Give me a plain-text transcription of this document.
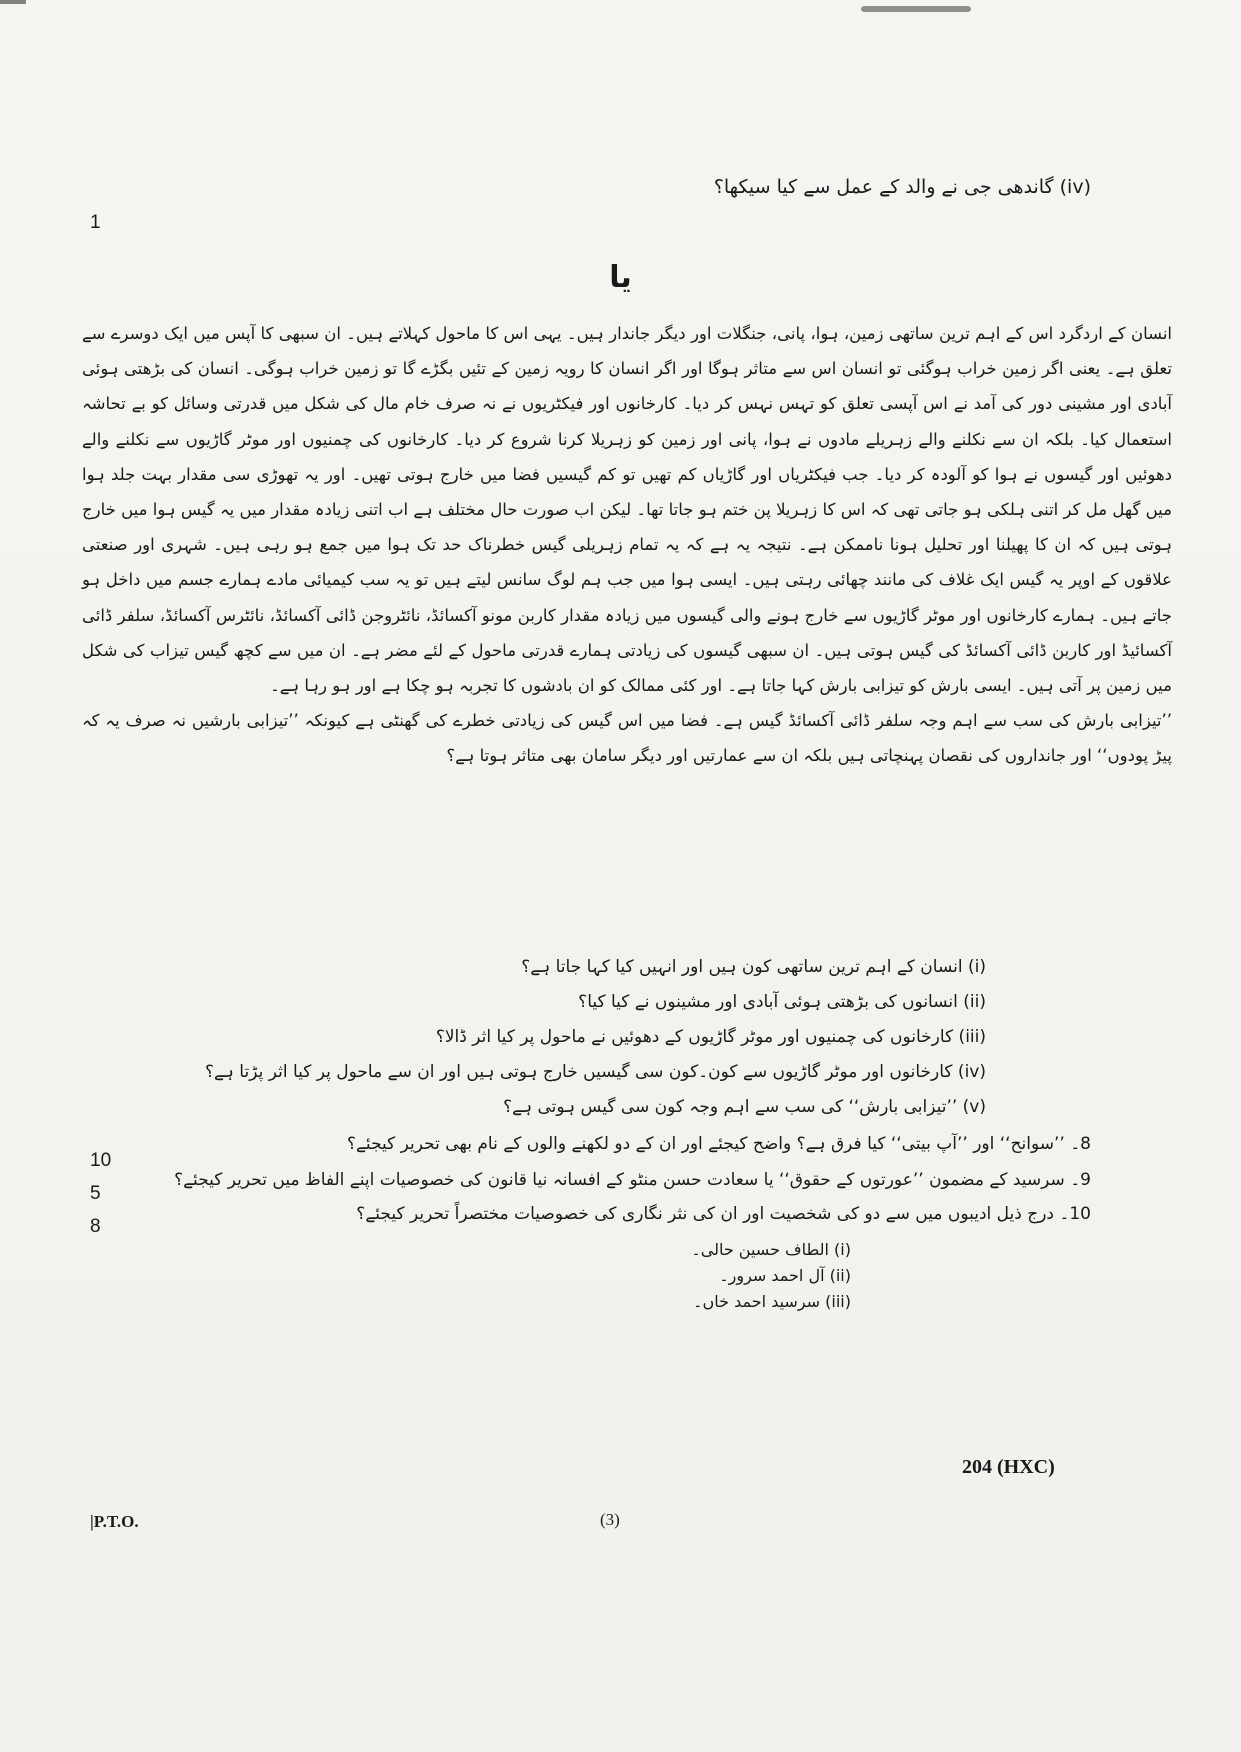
(iv) گاندھی جی نے والد کے عمل سے کیا سیکھا؟
1
یا

انسان کے اردگرد اس کے اہم ترین ساتھی زمین، ہوا، پانی، جنگلات اور دیگر جاندار ہیں۔ یہی اس کا ماحول کہلاتے ہیں۔ ان سبھی کا آپس میں ایک دوسرے سے تعلق ہے۔ یعنی اگر زمین خراب ہوگئی تو انسان اس سے متاثر ہوگا اور اگر انسان کا رویہ زمین کے تئیں بگڑے گا تو زمین خراب ہوگی۔ انسان کی بڑھتی ہوئی آبادی اور مشینی دور کی آمد نے اس آپسی تعلق کو تہس نہس کر دیا۔ کارخانوں اور فیکٹریوں نے نہ صرف خام مال کی شکل میں قدرتی وسائل کو بے تحاشہ استعمال کیا۔ بلکہ ان سے نکلنے والے زہریلے مادوں نے ہوا، پانی اور زمین کو زہریلا کرنا شروع کر دیا۔ کارخانوں کی چمنیوں اور موٹر گاڑیوں سے نکلنے والے دھوئیں اور گیسوں نے ہوا کو آلودہ کر دیا۔ جب فیکٹریاں اور گاڑیاں کم تھیں تو کم گیسیں فضا میں خارج ہوتی تھیں۔ اور یہ تھوڑی سی مقدار بہت جلد ہوا میں گھل مل کر اتنی ہلکی ہو جاتی تھی کہ اس کا زہریلا پن ختم ہو جاتا تھا۔ لیکن اب صورت حال مختلف ہے اب اتنی زیادہ مقدار میں یہ گیس ہوا میں خارج ہوتی ہیں کہ ان کا پھیلنا اور تحلیل ہونا ناممکن ہے۔ نتیجہ یہ ہے کہ یہ تمام زہریلی گیس خطرناک حد تک ہوا میں جمع ہو رہی ہیں۔ شہری اور صنعتی علاقوں کے اوپر یہ گیس ایک غلاف کی مانند چھائی رہتی ہیں۔ ایسی ہوا میں جب ہم لوگ سانس لیتے ہیں تو یہ سب کیمیائی مادے ہمارے جسم میں داخل ہو جاتے ہیں۔ ہمارے کارخانوں اور موٹر گاڑیوں سے خارج ہونے والی گیسوں میں زیادہ مقدار کاربن مونو آکسائڈ، نائٹروجن ڈائی آکسائڈ، نائٹرس آکسائڈ، سلفر ڈائی آکسائیڈ اور کاربن ڈائی آکسائڈ کی گیس ہوتی ہیں۔ ان سبھی گیسوں کی زیادتی ہمارے قدرتی ماحول کے لئے مضر ہے۔ ان میں سے کچھ گیس تیزاب کی شکل میں زمین پر آتی ہیں۔ ایسی بارش کو تیزابی بارش کہا جاتا ہے۔ اور کئی ممالک کو ان بادشوں کا تجربہ ہو چکا ہے اور ہو رہا ہے۔

’’تیزابی بارش کی سب سے اہم وجہ سلفر ڈائی آکسائڈ گیس ہے۔ فضا میں اس گیس کی زیادتی خطرے کی گھنٹی ہے کیونکہ ’’تیزابی بارشیں نہ صرف یہ کہ پیڑ پودوں‘‘ اور جانداروں کی نقصان پہنچاتی ہیں بلکہ ان سے عمارتیں اور دیگر سامان بھی متاثر ہوتا ہے؟

(i) انسان کے اہم ترین ساتھی کون ہیں اور انہیں کیا کہا جاتا ہے؟
(ii) انسانوں کی بڑھتی ہوئی آبادی اور مشینوں نے کیا کیا؟
(iii) کارخانوں کی چمنیوں اور موٹر گاڑیوں کے دھوئیں نے ماحول پر کیا اثر ڈالا؟
(iv) کارخانوں اور موٹر گاڑیوں سے کون۔کون سی گیسیں خارج ہوتی ہیں اور ان سے ماحول پر کیا اثر پڑتا ہے؟
(v) ’’تیزابی بارش‘‘ کی سب سے اہم وجہ کون سی گیس ہوتی ہے؟
8۔ ’’سوانح‘‘ اور ’’آپ بیتی‘‘ کیا فرق ہے؟ واضح کیجئے اور ان کے دو لکھنے والوں کے نام بھی تحریر کیجئے؟
10
9۔ سرسید کے مضمون ’’عورتوں کے حقوق‘‘ یا سعادت حسن منٹو کے افسانہ نیا قانون کی خصوصیات اپنے الفاظ میں تحریر کیجئے؟
5
10۔ درج ذیل ادیبوں میں سے دو کی شخصیت اور ان کی نثر نگاری کی خصوصیات مختصراً تحریر کیجئے؟
8
(i) الطاف حسین حالی۔
(ii) آل احمد سرور۔
(iii) سرسید احمد خاں۔
204 (HXC)
(3)
|P.T.O.
